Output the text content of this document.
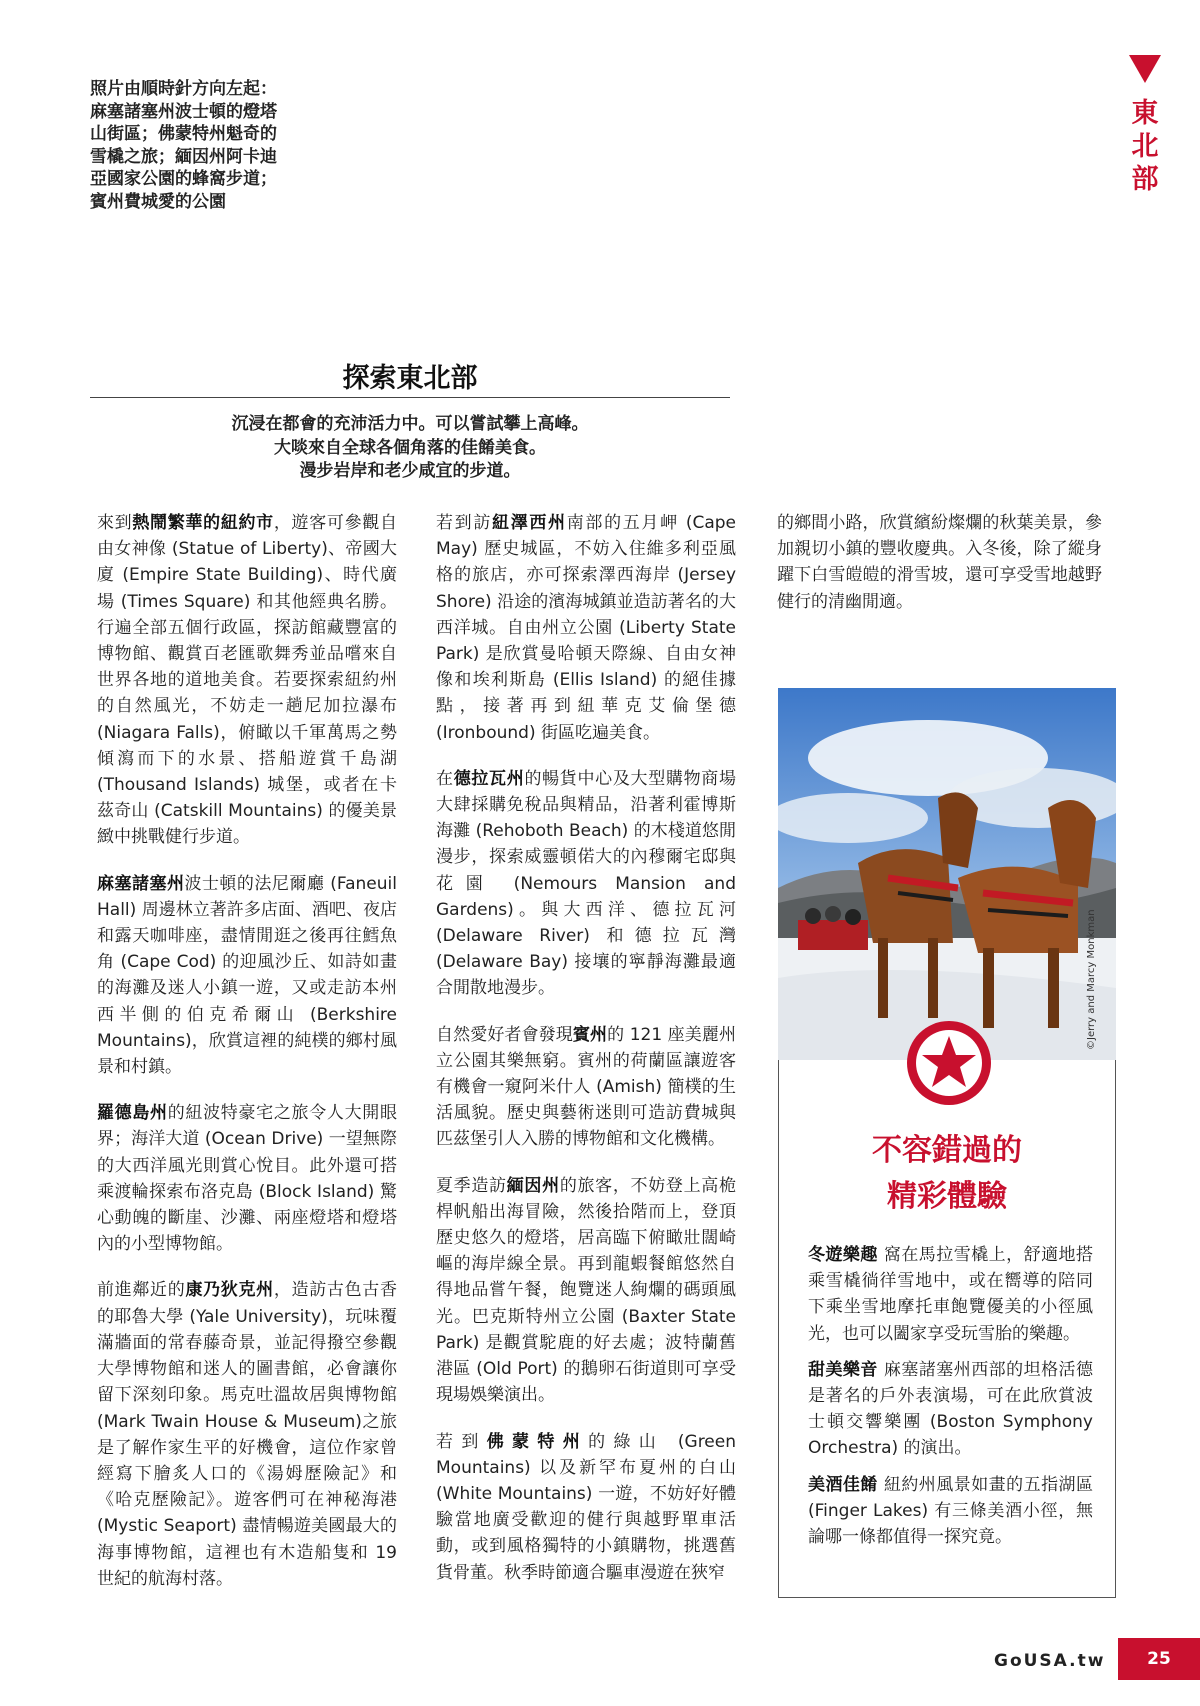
照片由順時針方向左起：
麻塞諸塞州波士頓的燈塔
山街區；佛蒙特州魁奇的
雪橇之旅；緬因州阿卡迪
亞國家公園的蜂窩步道；
賓州費城愛的公園
東
北
部
探索東北部
沉浸在都會的充沛活力中。可以嘗試攀上高峰。
大啖來自全球各個角落的佳餚美食。
漫步岩岸和老少咸宜的步道。

來到熱鬧繁華的紐約市，遊客可參觀自由女神像 (Statue of Liberty)、帝國大廈 (Empire State Building)、時代廣場 (Times Square) 和其他經典名勝。行遍全部五個行政區，探訪館藏豐富的博物館、觀賞百老匯歌舞秀並品嚐來自世界各地的道地美食。若要探索紐約州的自然風光，不妨走一趟尼加拉瀑布 (Niagara Falls)，俯瞰以千軍萬馬之勢傾瀉而下的水景、搭船遊賞千島湖 (Thousand Islands) 城堡，或者在卡茲奇山 (Catskill Mountains) 的優美景緻中挑戰健行步道。

麻塞諸塞州波士頓的法尼爾廳 (Faneuil Hall) 周邊林立著許多店面、酒吧、夜店和露天咖啡座，盡情閒逛之後再往鱈魚角 (Cape Cod) 的迎風沙丘、如詩如畫的海灘及迷人小鎮一遊，又或走訪本州西半側的伯克希爾山 (Berkshire Mountains)，欣賞這裡的純樸的鄉村風景和村鎮。

羅德島州的紐波特豪宅之旅令人大開眼界；海洋大道 (Ocean Drive) 一望無際的大西洋風光則賞心悅目。此外還可搭乘渡輪探索布洛克島 (Block Island) 驚心動魄的斷崖、沙灘、兩座燈塔和燈塔內的小型博物館。

前進鄰近的康乃狄克州，造訪古色古香的耶魯大學 (Yale University)，玩味覆滿牆面的常春藤奇景，並記得撥空參觀大學博物館和迷人的圖書館，必會讓你留下深刻印象。馬克吐溫故居與博物館(Mark Twain House & Museum)之旅是了解作家生平的好機會，這位作家曾經寫下膾炙人口的《湯姆歷險記》和《哈克歷險記》。遊客們可在神秘海港 (Mystic Seaport) 盡情暢遊美國最大的海事博物館，這裡也有木造船隻和 19 世紀的航海村落。

若到訪紐澤西州南部的五月岬 (Cape May) 歷史城區，不妨入住維多利亞風格的旅店，亦可探索澤西海岸 (Jersey Shore) 沿途的濱海城鎮並造訪著名的大西洋城。自由州立公園 (Liberty State Park) 是欣賞曼哈頓天際線、自由女神像和埃利斯島 (Ellis Island) 的絕佳據點，接著再到紐華克艾倫堡德 (Ironbound) 街區吃遍美食。

在德拉瓦州的暢貨中心及大型購物商場大肆採購免稅品與精品，沿著利霍博斯海灘 (Rehoboth Beach) 的木棧道悠閒漫步，探索威靈頓偌大的內穆爾宅邸與花園 (Nemours Mansion and Gardens)。與大西洋、德拉瓦河 (Delaware River) 和德拉瓦灣 (Delaware Bay) 接壤的寧靜海灘最適合閒散地漫步。

自然愛好者會發現賓州的 121 座美麗州立公園其樂無窮。賓州的荷蘭區讓遊客有機會一窺阿米什人 (Amish) 簡樸的生活風貌。歷史與藝術迷則可造訪費城與匹茲堡引人入勝的博物館和文化機構。

夏季造訪緬因州的旅客，不妨登上高桅桿帆船出海冒險，然後拾階而上，登頂歷史悠久的燈塔，居高臨下俯瞰壯闊崎嶇的海岸線全景。再到龍蝦餐館悠然自得地品嘗午餐，飽覽迷人絢爛的碼頭風光。巴克斯特州立公園 (Baxter State Park) 是觀賞駝鹿的好去處；波特蘭舊港區 (Old Port) 的鵝卵石街道則可享受現場娛樂演出。

若到佛蒙特州的綠山 (Green Mountains) 以及新罕布夏州的白山 (White Mountains) 一遊，不妨好好體驗當地廣受歡迎的健行與越野單車活動，或到風格獨特的小鎮購物，挑選舊貨骨董。秋季時節適合驅車漫遊在狹窄

的鄉間小路，欣賞繽紛燦爛的秋葉美景，參加親切小鎮的豐收慶典。入冬後，除了縱身躍下白雪皚皚的滑雪坡，還可享受雪地越野健行的清幽閒適。

©Jerry and Marcy Monkman
不容錯過的
精彩體驗

冬遊樂趣 窩在馬拉雪橇上，舒適地搭乘雪橇徜徉雪地中，或在嚮導的陪同下乘坐雪地摩托車飽覽優美的小徑風光，也可以闔家享受玩雪胎的樂趣。

甜美樂音 麻塞諸塞州西部的坦格活德是著名的戶外表演場，可在此欣賞波士頓交響樂團 (Boston Symphony Orchestra) 的演出。

美酒佳餚 紐約州風景如畫的五指湖區 (Finger Lakes) 有三條美酒小徑，無論哪一條都值得一探究竟。

GoUSA.tw	25
